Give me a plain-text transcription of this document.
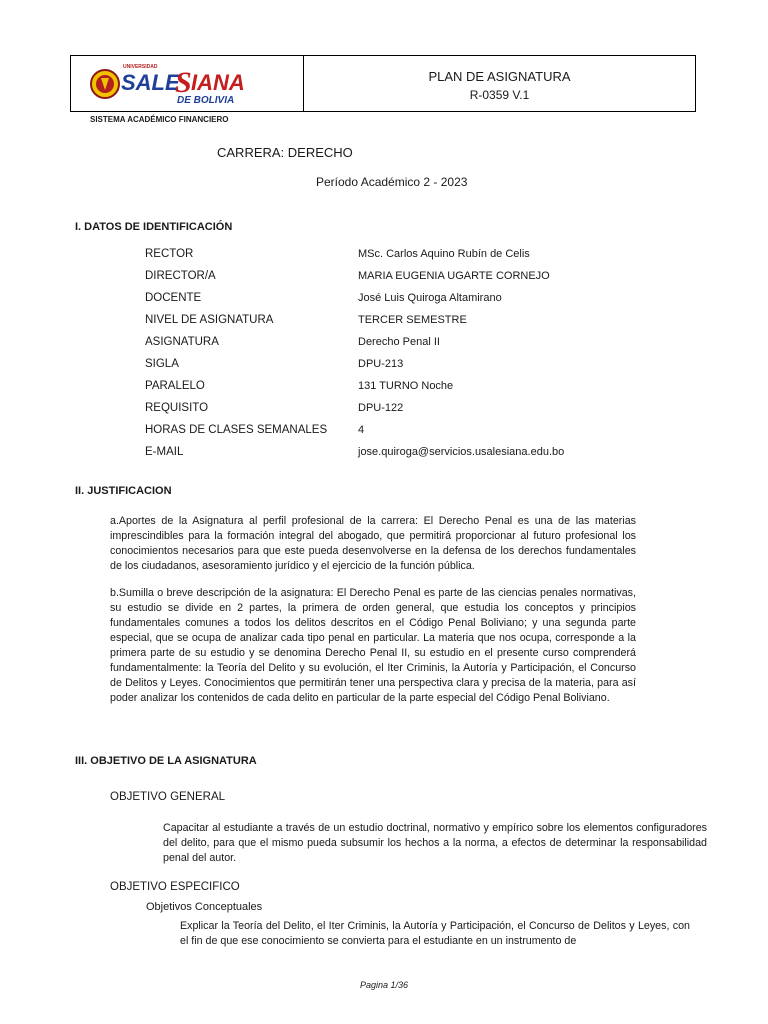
UNIVERSIDAD
SALE
S IANA
DE BOLIVIA
PLAN DE ASIGNATURA
R-0359 V.1
SISTEMA ACADÉMICO FINANCIERO
CARRERA: DERECHO
Período Académico 2 - 2023
I. DATOS DE IDENTIFICACIÓN
RECTOR	MSc. Carlos Aquino Rubín de Celis
DIRECTOR/A	MARIA EUGENIA UGARTE CORNEJO
DOCENTE	José Luis Quiroga Altamirano
NIVEL DE ASIGNATURA	TERCER SEMESTRE
ASIGNATURA	Derecho Penal II
SIGLA	DPU-213
PARALELO	131 TURNO Noche
REQUISITO	DPU-122
HORAS DE CLASES SEMANALES	4
E-MAIL	jose.quiroga@servicios.usalesiana.edu.bo
II. JUSTIFICACION

a.Aportes de la Asignatura al perfil profesional de la carrera: El Derecho Penal es una de las materias imprescindibles para la formación integral del abogado, que permitirá proporcionar al futuro profesional los conocimientos necesarios para que este pueda desenvolverse en la defensa de los derechos fundamentales de los ciudadanos, asesoramiento jurídico y el ejercicio de la función pública.

b.Sumilla o breve descripción de la asignatura: El Derecho Penal es parte de las ciencias penales normativas, su estudio se divide en 2 partes, la primera de orden general, que estudia los conceptos y principios fundamentales comunes a todos los delitos descritos en el Código Penal Boliviano; y una segunda parte especial, que se ocupa de analizar cada tipo penal en particular. La materia que nos ocupa, corresponde a la primera parte de su estudio y se denomina Derecho Penal II, su estudio en el presente curso comprenderá fundamentalmente: la Teoría del Delito y su evolución, el Iter Criminis, la Autoría y Participación, el Concurso de Delitos y Leyes. Conocimientos que permitirán tener una perspectiva clara y precisa de la materia, para así poder analizar los contenidos de cada delito en particular de la parte especial del Código Penal Boliviano.

III. OBJETIVO DE LA ASIGNATURA
OBJETIVO GENERAL

Capacitar al estudiante a través de un estudio doctrinal, normativo y empírico sobre los elementos configuradores del delito, para que el mismo pueda subsumir los hechos a la norma, a efectos de determinar la responsabilidad penal del autor.

OBJETIVO ESPECIFICO
Objetivos Conceptuales

Explicar la Teoría del Delito, el Iter Criminis, la Autoría y Participación, el Concurso de Delitos y Leyes, con el fin de que ese conocimiento se convierta para el estudiante en un instrumento de

Pagina 1/36
